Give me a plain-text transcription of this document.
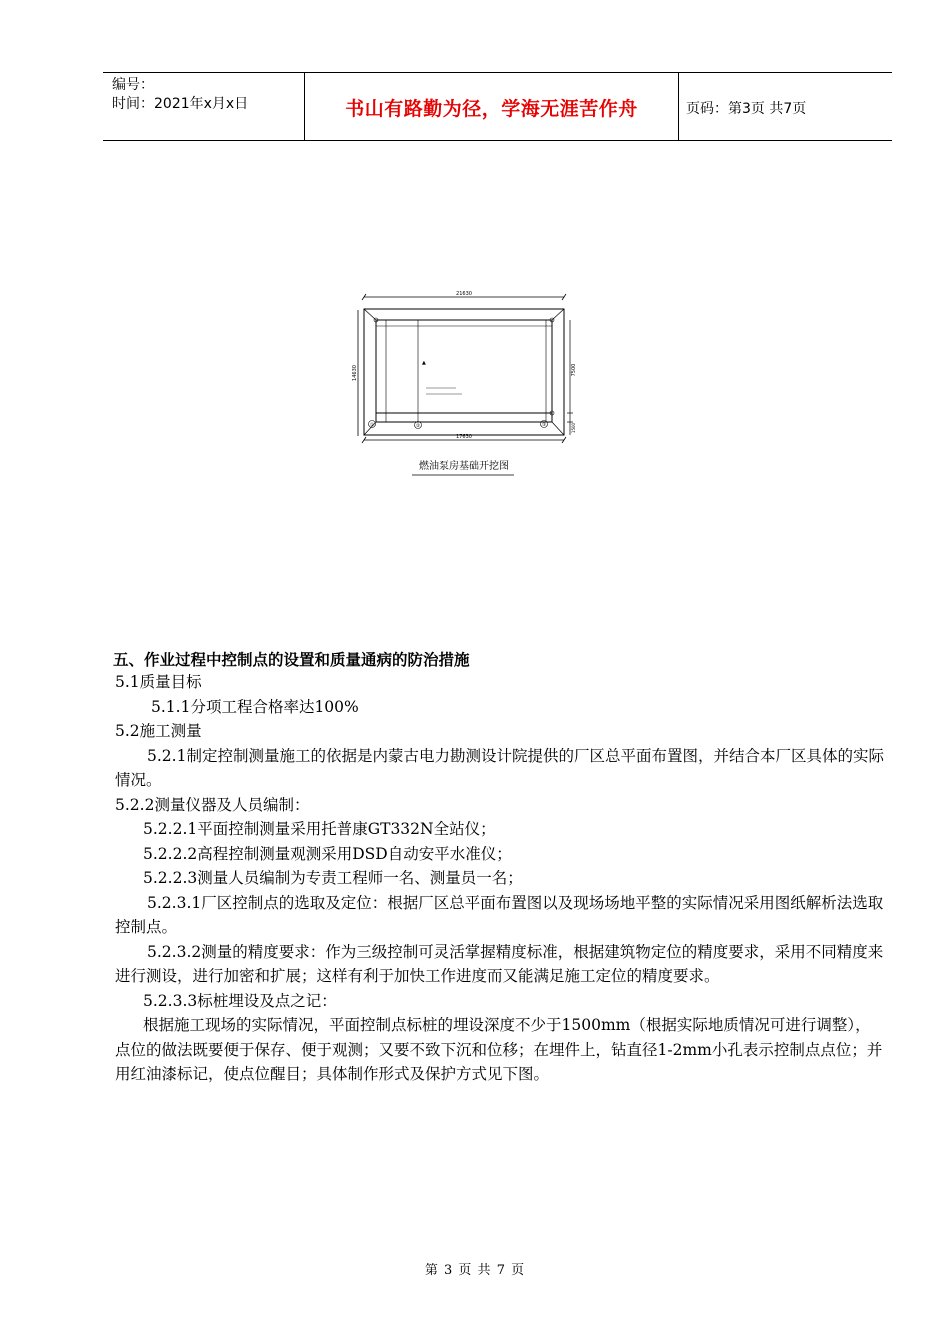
编号：
时间：2021年x月x日	书山有路勤为径，学海无涯苦作舟	页码：第3页 共7页
21630
14630
▲
①	②	③
7500
1500
17630
燃油泵房基础开挖图
五、作业过程中控制点的设置和质量通病的防治措施

5.1质量目标

5.1.1分项工程合格率达100%

5.2施工测量

5.2.1制定控制测量施工的依据是内蒙古电力勘测设计院提供的厂区总平面布置图，并结合本厂区具体的实际情况。

5.2.2测量仪器及人员编制：

5.2.2.1平面控制测量采用托普康GT332N全站仪；

5.2.2.2高程控制测量观测采用DSD自动安平水准仪；

5.2.2.3测量人员编制为专责工程师一名、测量员一名；

5.2.3.1厂区控制点的选取及定位：根据厂区总平面布置图以及现场场地平整的实际情况采用图纸解析法选取控制点。

5.2.3.2测量的精度要求：作为三级控制可灵活掌握精度标准，根据建筑物定位的精度要求，采用不同精度来进行测设，进行加密和扩展；这样有利于加快工作进度而又能满足施工定位的精度要求。

5.2.3.3标桩埋设及点之记：

根据施工现场的实际情况，平面控制点标桩的埋设深度不少于1500mm（根据实际地质情况可进行调整），点位的做法既要便于保存、便于观测；又要不致下沉和位移；在埋件上，钻直径1-2mm小孔表示控制点点位；并用红油漆标记，使点位醒目；具体制作形式及保护方式见下图。

第 3 页 共 7 页
